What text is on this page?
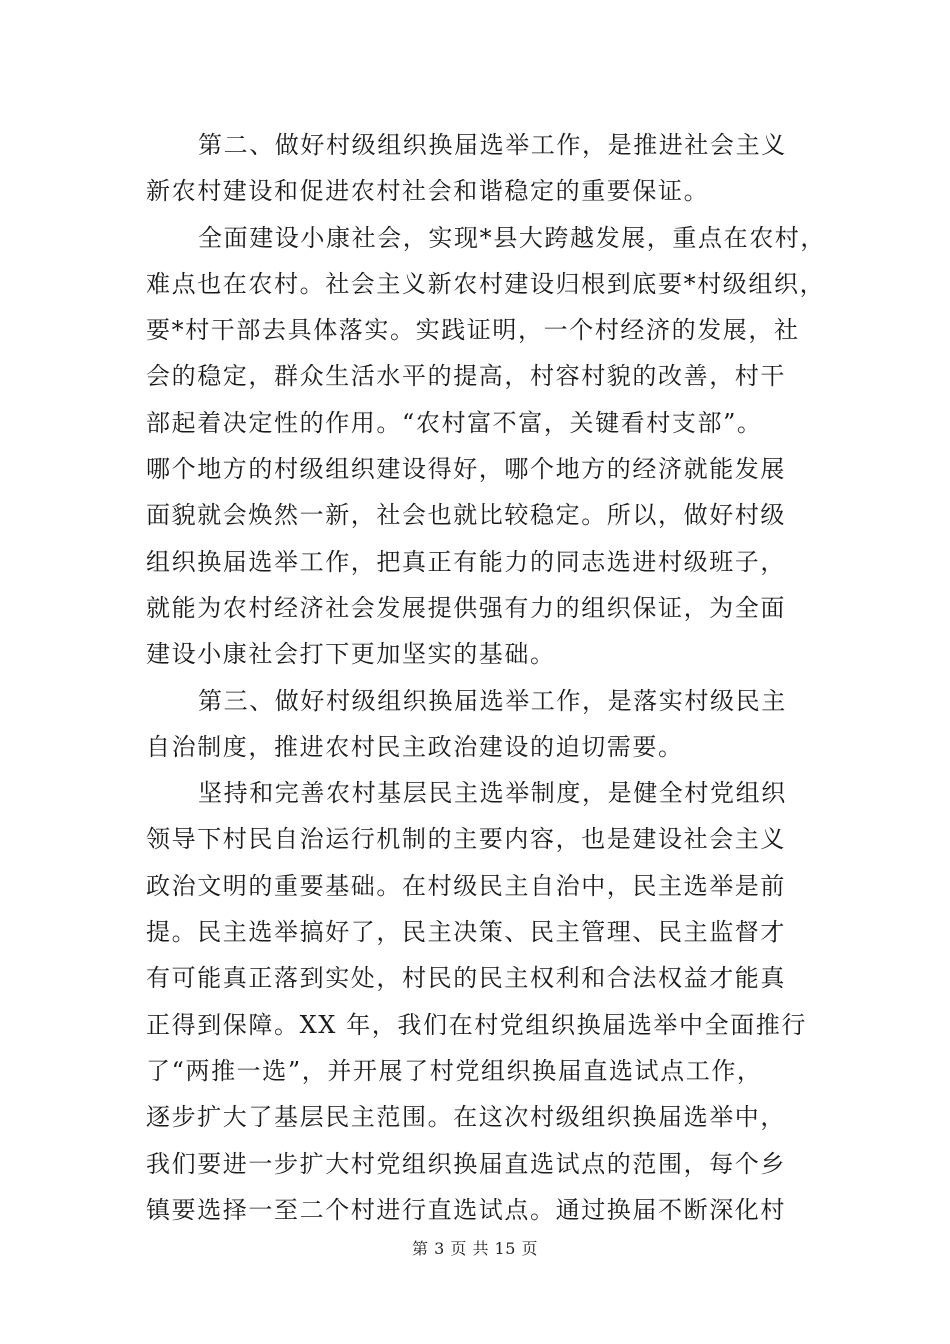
第二、做好村级组织换届选举工作，是推进社会主义
新农村建设和促进农村社会和谐稳定的重要保证。
全面建设小康社会，实现*县大跨越发展，重点在农村，
难点也在农村。社会主义新农村建设归根到底要*村级组织，
要*村干部去具体落实。实践证明，一个村经济的发展，社
会的稳定，群众生活水平的提高，村容村貌的改善，村干
部起着决定性的作用。“农村富不富，关键看村支部”。
哪个地方的村级组织建设得好，哪个地方的经济就能发展
面貌就会焕然一新，社会也就比较稳定。所以，做好村级
组织换届选举工作，把真正有能力的同志选进村级班子，
就能为农村经济社会发展提供强有力的组织保证，为全面
建设小康社会打下更加坚实的基础。
第三、做好村级组织换届选举工作，是落实村级民主
自治制度，推进农村民主政治建设的迫切需要。
坚持和完善农村基层民主选举制度，是健全村党组织
领导下村民自治运行机制的主要内容，也是建设社会主义
政治文明的重要基础。在村级民主自治中，民主选举是前
提。民主选举搞好了，民主决策、民主管理、民主监督才
有可能真正落到实处，村民的民主权利和合法权益才能真
正得到保障。XX 年，我们在村党组织换届选举中全面推行
了“两推一选”，并开展了村党组织换届直选试点工作，
逐步扩大了基层民主范围。在这次村级组织换届选举中，
我们要进一步扩大村党组织换届直选试点的范围，每个乡
镇要选择一至二个村进行直选试点。通过换届不断深化村
第 3 页 共 15 页
